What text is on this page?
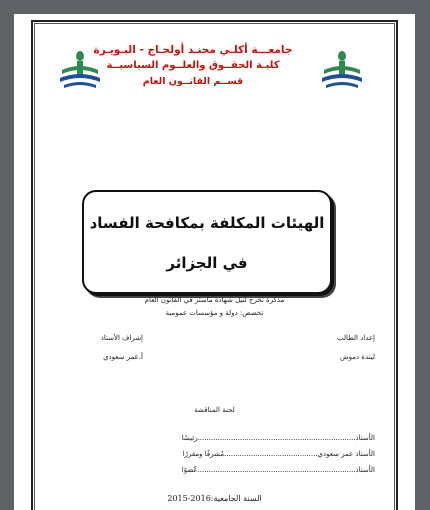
جامعـــة أكلـي محنـد أولحـاج - البـويـرة
كليـة الحقــوق والعلــوم السياسيــة
قســم القانــون العام
الهيئات المكلفة بمكافحة الفساد
في الجزائر
مذكرة تخرج لنيل شهادة ماستر في القانون العام
تخصص: دولة و مؤسسات عمومية
إعداد الطالب
إشراف الأستاذ
ليندة دموش
أ.عمر سعودي
لجنة المناقشة
الأستاذ.......................................................................رئيسًا
الأستاذ عمر سعودي..........................................مُشرفًا ومقررًا
الأستاذ.......................................................................عُضوًا
السنة الجامعية:2015-2016
